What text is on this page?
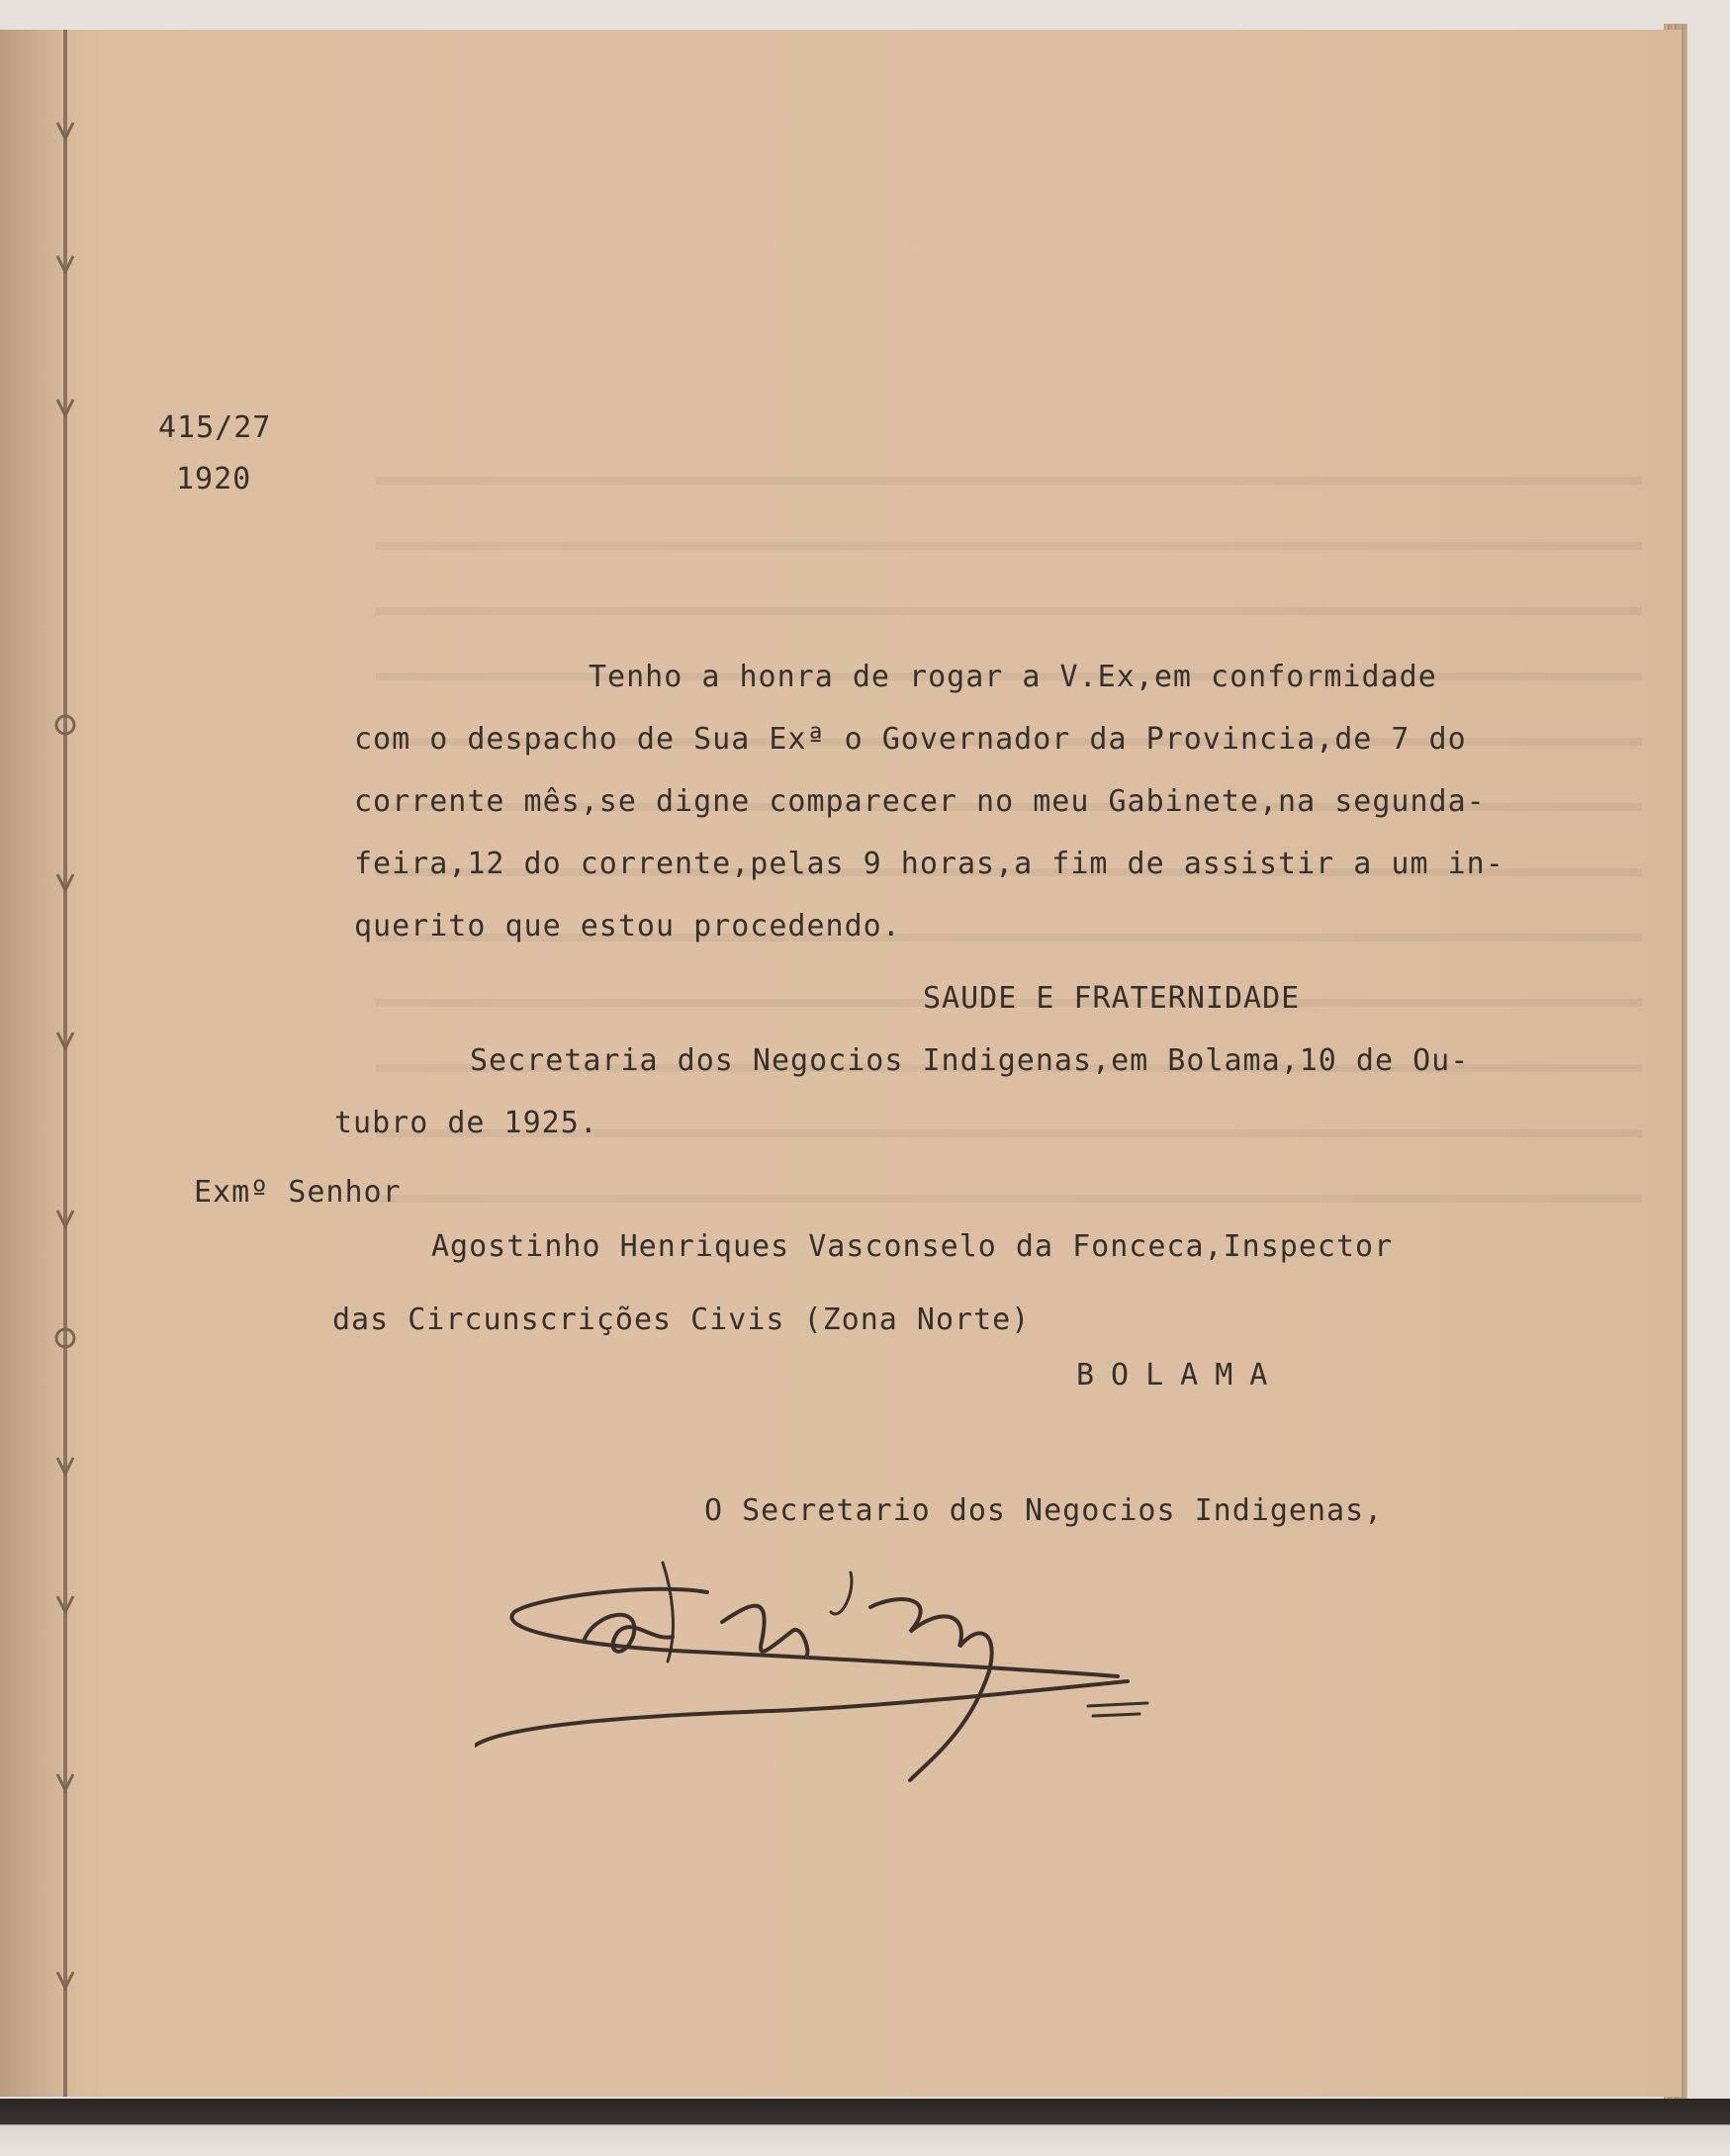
415/27

1920

Tenho a honra de rogar a V.Ex,em conformidade

com o despacho de Sua Exª o Governador da Provincia,de 7 do

corrente mês,se digne comparecer no meu Gabinete,na segunda-

feira,12 do corrente,pelas 9 horas,a fim de assistir a um in-

querito que estou procedendo.

SAUDE E FRATERNIDADE

Secretaria dos Negocios Indigenas,em Bolama,10 de Ou-

tubro de 1925.

Exmº Senhor

Agostinho Henriques Vasconselo da Fonceca,Inspector

das Circunscrições Civis (Zona Norte)

BOLAMA

O Secretario dos Negocios Indigenas,
